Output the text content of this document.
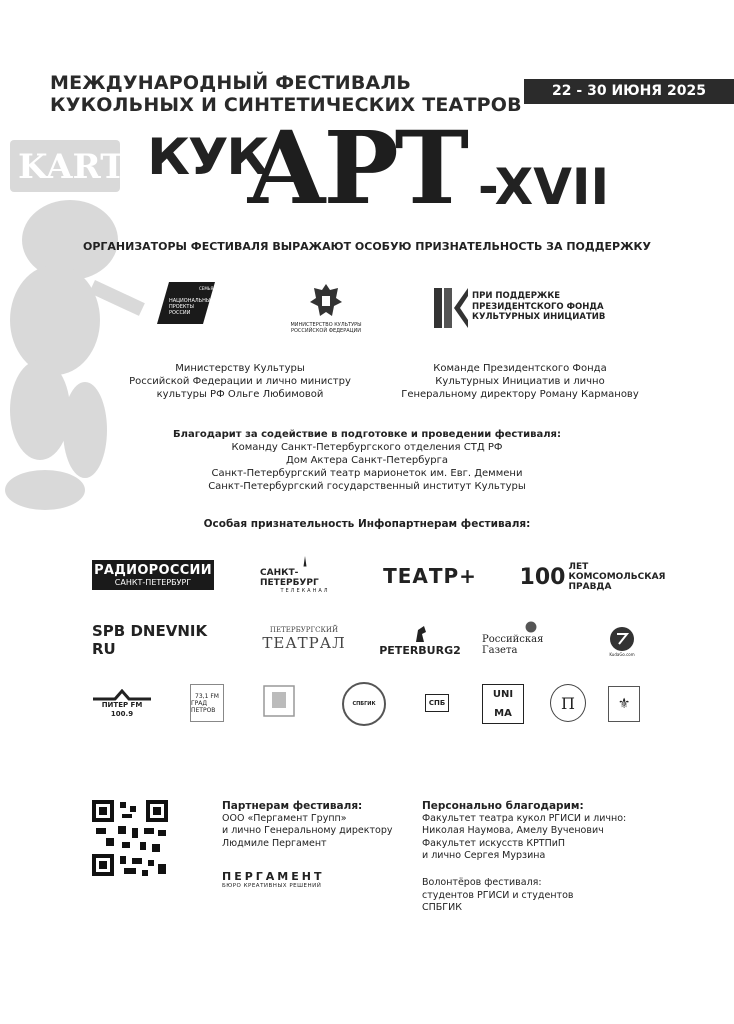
KART
МЕЖДУНАРОДНЫЙ ФЕСТИВАЛЬ
КУКОЛЬНЫХ И СИНТЕТИЧЕСКИХ ТЕАТРОВ
22 - 30 ИЮНЯ 2025
КУК
АРТ -XVII
ОРГАНИЗАТОРЫ ФЕСТИВАЛЯ ВЫРАЖАЮТ ОСОБУЮ ПРИЗНАТЕЛЬНОСТЬ ЗА ПОДДЕРЖКУ
СЕМЬЯ
НАЦИОНАЛЬНЫЕ
ПРОЕКТЫ
РОССИИ
МИНИСТЕРСТВО КУЛЬТУРЫ
РОССИЙСКОЙ ФЕДЕРАЦИИ
ПРИ ПОДДЕРЖКЕ
ПРЕЗИДЕНТСКОГО ФОНДА
КУЛЬТУРНЫХ ИНИЦИАТИВ
Министерству Культуры
Российской Федерации и лично министру
культуры РФ Ольге Любимовой
Команде Президентского Фонда
Культурных Инициатив и лично
Генеральному директору Роману Карманову
Благодарит за содействие в подготовке и проведении фестиваля:
Команду Санкт-Петербургского отделения СТД РФ
Дом Актера Санкт-Петербурга
Санкт-Петербургский театр марионеток им. Евг. Деммени
Санкт-Петербургский государственный институт Культуры
Особая признательность Инфопартнерам фестиваля:
РАДИОРОССИИ
САНКТ-ПЕТЕРБУРГ
САНКТ-ПЕТЕРБУРГ
ТЕЛЕКАНАЛ
ТЕАТР+ 100 ЛЕТ КОМСОМОЛЬСКАЯ ПРАВДА
SPB DNEVNIK RU
ПЕТЕРБУРГСКИЙ
ТЕАТРАЛ	PETERBURG2
Российская Газета	KudaGo.com
ПИТЕР FM
100.9
73,1 FM
ГРАД ПЕТРОВ
СПБГИК	СПБ
UNI
MA
П	⚜
Партнерам фестиваля:
ООО «Пергамент Групп»
и лично Генеральному директору
Людмиле Пергамент
ПЕРГАМЕНТ
БЮРО КРЕАТИВНЫХ РЕШЕНИЙ
Персонально благодарим:
Факультет театра кукол РГИСИ и лично:
Николая Наумова, Амелу Вученович
Факультет искусств КРТПиП
и лично Сергея Мурзина
Волонтёров фестиваля:
студентов РГИСИ и студентов
СПБГИК
